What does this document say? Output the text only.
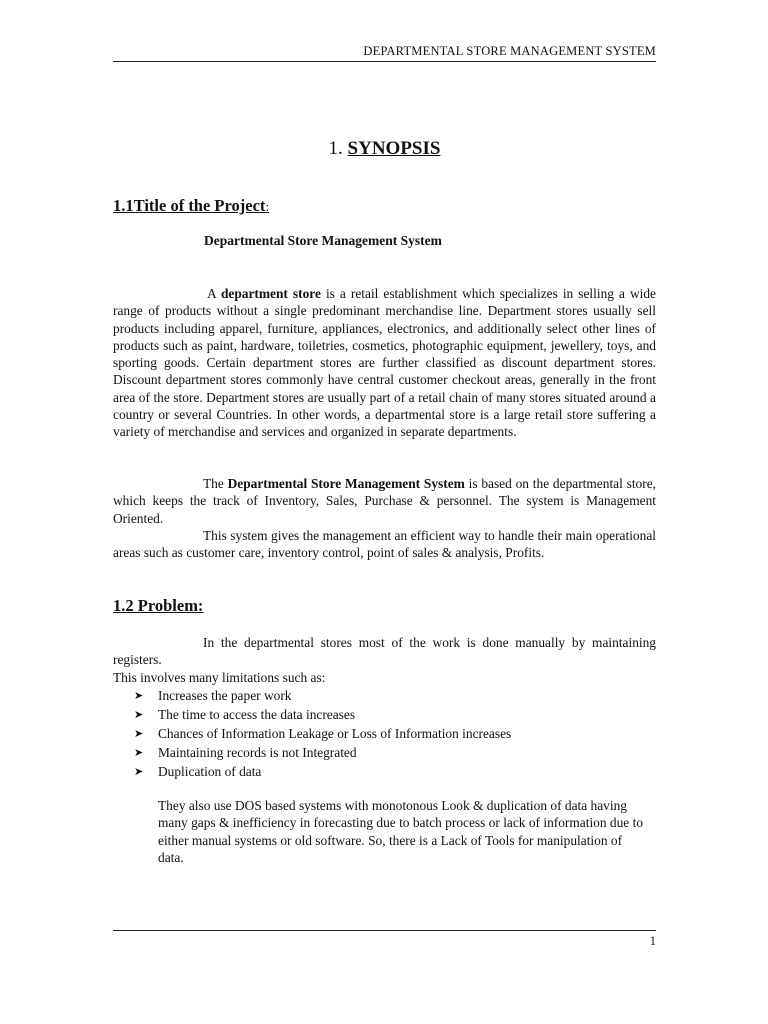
DEPARTMENTAL STORE MANAGEMENT SYSTEM
1. SYNOPSIS
1.1Title of the Project:
Departmental Store Management System

A department store is a retail establishment which specializes in selling a wide range of products without a single predominant merchandise line. Department stores usually sell products including apparel, furniture, appliances, electronics, and additionally select other lines of products such as paint, hardware, toiletries, cosmetics, photographic equipment, jewellery, toys, and sporting goods. Certain department stores are further classified as discount department stores. Discount department stores commonly have central customer checkout areas, generally in the front area of the store. Department stores are usually part of a retail chain of many stores situated around a country or several Countries. In other words, a departmental store is a large retail store suffering a variety of merchandise and services and organized in separate departments.

The Departmental Store Management System is based on the departmental store, which keeps the track of Inventory, Sales, Purchase & personnel. The system is Management Oriented.

This system gives the management an efficient way to handle their main operational areas such as customer care, inventory control, point of sales & analysis, Profits.

1.2 Problem:

In the departmental stores most of the work is done manually by maintaining registers.

This involves many limitations such as:

➤	Increases the paper work
➤	The time to access the data increases
➤	Chances of Information Leakage or Loss of Information increases
➤	Maintaining records is not Integrated
➤	Duplication of data

They also use DOS based systems with monotonous Look & duplication of data having many gaps & inefficiency in forecasting due to batch process or lack of information due to either manual systems or old software. So, there is a Lack of Tools for manipulation of data.

1
